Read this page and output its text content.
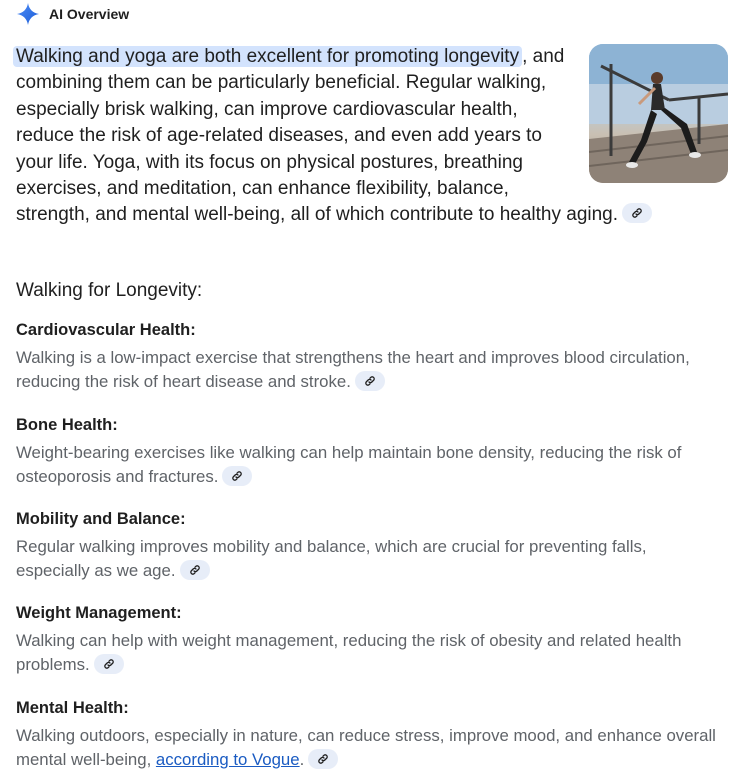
AI Overview
Walking and yoga are both excellent for promoting longevity , and combining them can be particularly beneficial. Regular walking, especially brisk walking, can improve cardiovascular health, reduce the risk of age-related diseases, and even add years to your life. Yoga, with its focus on physical postures, breathing exercises, and meditation, can enhance flexibility, balance, strength, and mental well-being, all of which contribute to healthy aging.
Walking for Longevity:
Cardiovascular Health:
Walking is a low-impact exercise that strengthens the heart and improves blood circulation, reducing the risk of heart disease and stroke.
Bone Health:
Weight-bearing exercises like walking can help maintain bone density, reducing the risk of osteoporosis and fractures.
Mobility and Balance:
Regular walking improves mobility and balance, which are crucial for preventing falls, especially as we age.
Weight Management:
Walking can help with weight management, reducing the risk of obesity and related health problems.
Mental Health:
Walking outdoors, especially in nature, can reduce stress, improve mood, and enhance overall mental well-being, according to Vogue.
